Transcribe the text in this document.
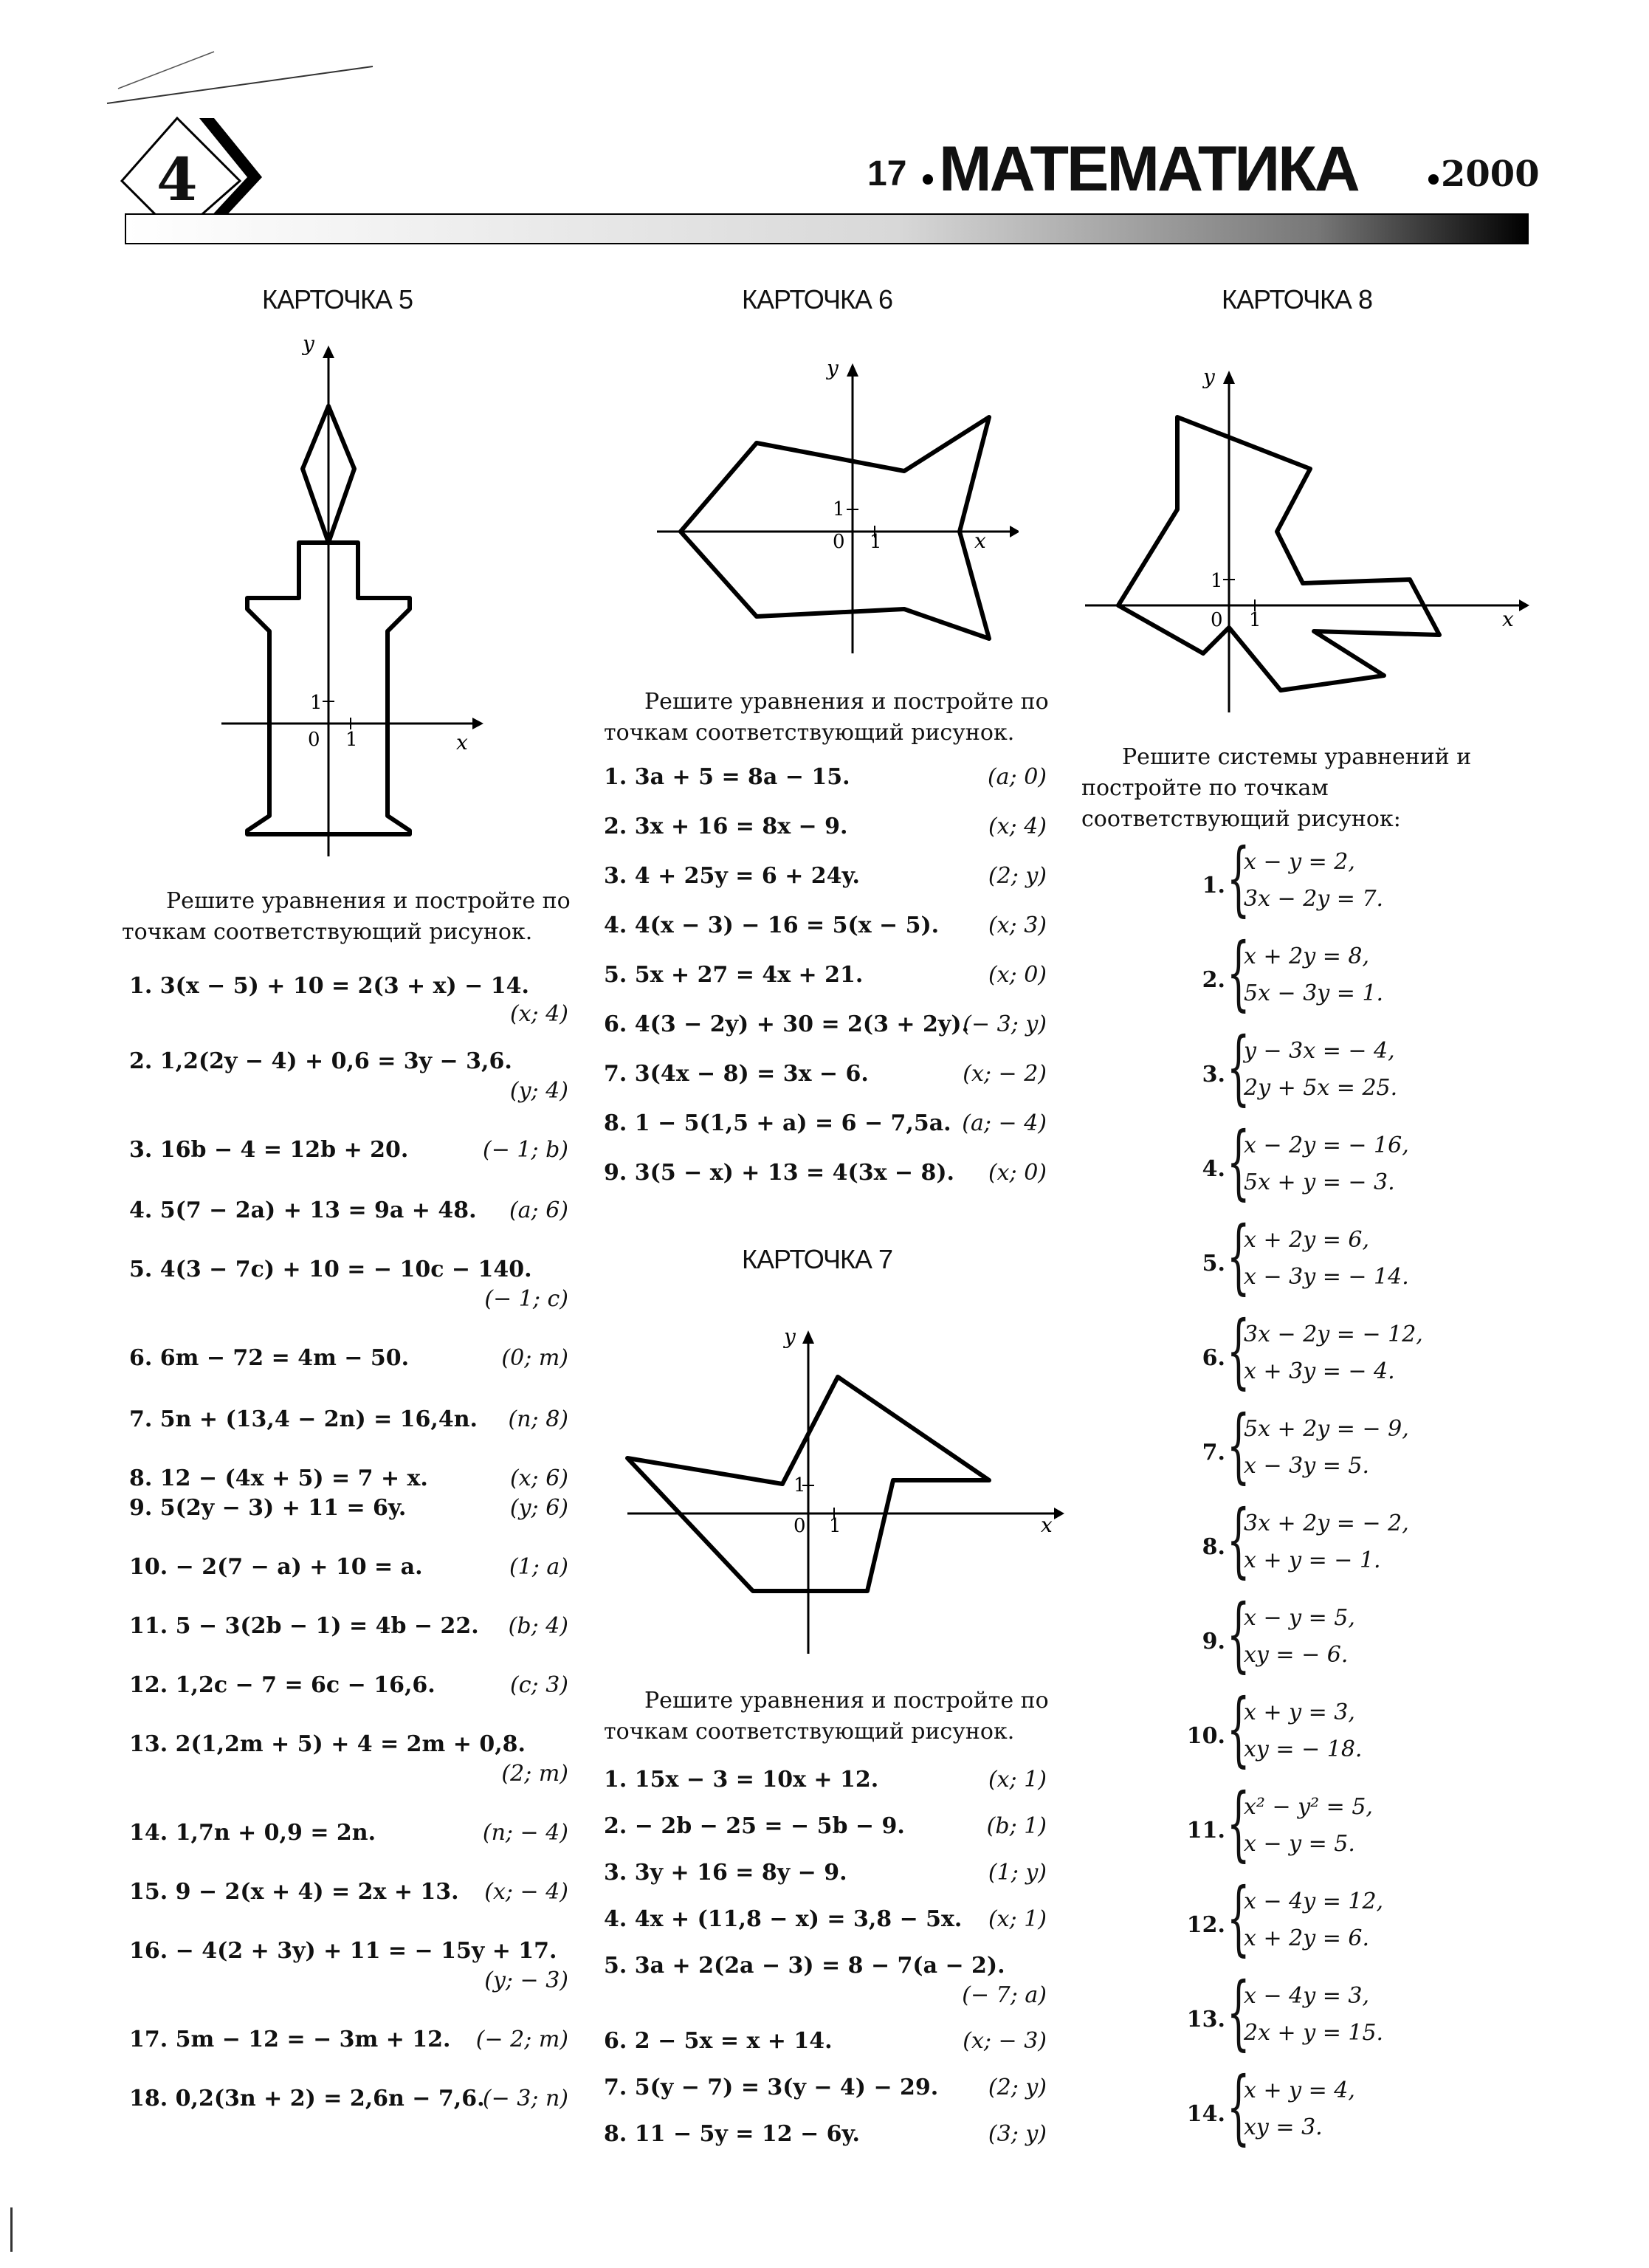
4	17 МАТЕМАТИКА 2000
КАРТОЧКА 5
y
x
0 1
1
Решите уравнения и постройте по точкам соответствующий рисунок.
1. 3(x − 5) + 10 = 2(3 + x) − 14.
(x; 4)
2. 1,2(2y − 4) + 0,6 = 3y − 3,6.
(y; 4)
3. 16b − 4 = 12b + 20.	(− 1; b)
4. 5(7 − 2a) + 13 = 9a + 48. (a; 6)
5. 4(3 − 7c) + 10 = − 10c − 140.
(− 1; c)
6. 6m − 72 = 4m − 50.	(0; m)
7. 5n + (13,4 − 2n) = 16,4n. (n; 8)
8. 12 − (4x + 5) = 7 + x.	(x; 6)
9. 5(2y − 3) + 11 = 6y.	(y; 6)
10. − 2(7 − a) + 10 = a.	(1; a)
11. 5 − 3(2b − 1) = 4b − 22. (b; 4)
12. 1,2c − 7 = 6c − 16,6.	(c; 3)
13. 2(1,2m + 5) + 4 = 2m + 0,8.
(2; m)
14. 1,7n + 0,9 = 2n.	(n; − 4)
15. 9 − 2(x + 4) = 2x + 13. (x; − 4)
16. − 4(2 + 3y) + 11 = − 15y + 17.
(y; − 3)
17. 5m − 12 = − 3m + 12. (− 2; m)
18. 0,2(3n + 2) = 2,6n − 7,6.
(− 3; n)
КАРТОЧКА 6
y
x
0 1
1
Решите уравнения и постройте по точкам соответствующий рисунок.
1. 3a + 5 = 8a − 15.	(a; 0)
2. 3x + 16 = 8x − 9.	(x; 4)
3. 4 + 25y = 6 + 24y.	(2; y)
4. 4(x − 3) − 16 = 5(x − 5). (x; 3)
5. 5x + 27 = 4x + 21.	(x; 0)
6. 4(3 − 2y) + 30 = 2(3 + 2y).
(− 3; y)
7. 3(4x − 8) = 3x − 6.	(x; − 2)
8. 1 − 5(1,5 + a) = 6 − 7,5a. (a; − 4)
9. 3(5 − x) + 13 = 4(3x − 8). (x; 0)
КАРТОЧКА 7
y
x
0 1
1
Решите уравнения и постройте по точкам соответствующий рисунок.
1. 15x − 3 = 10x + 12.	(x; 1)
2. − 2b − 25 = − 5b − 9.	(b; 1)
3. 3y + 16 = 8y − 9.	(1; y)
4. 4x + (11,8 − x) = 3,8 − 5x. (x; 1)
5. 3a + 2(2a − 3) = 8 − 7(a − 2).
(− 7; a)
6. 2 − 5x = x + 14.	(x; − 3)
7. 5(y − 7) = 3(y − 4) − 29. (2; y)
8. 11 − 5y = 12 − 6y.	(3; y)
КАРТОЧКА 8
y
x
0 1
1
Решите системы уравнений и постройте по точкам соответствующий рисунок:
1. {
x − y = 2,
3x − 2y = 7.
2. {
x + 2y = 8,
5x − 3y = 1.
3. {
y − 3x = − 4,
2y + 5x = 25.
4. {
x − 2y = − 16,
5x + y = − 3.
5. {
x + 2y = 6,
x − 3y = − 14.
6. {
3x − 2y = − 12,
x + 3y = − 4.
7. {
5x + 2y = − 9,
x − 3y = 5.
8. {
3x + 2y = − 2,
x + y = − 1.
9. {
x − y = 5,
xy = − 6.
10. {
x + y = 3,
xy = − 18.
11. {
x² − y² = 5,
x − y = 5.
12. {
x − 4y = 12,
x + 2y = 6.
13. {
x − 4y = 3,
2x + y = 15.
14. {
x + y = 4,
xy = 3.
